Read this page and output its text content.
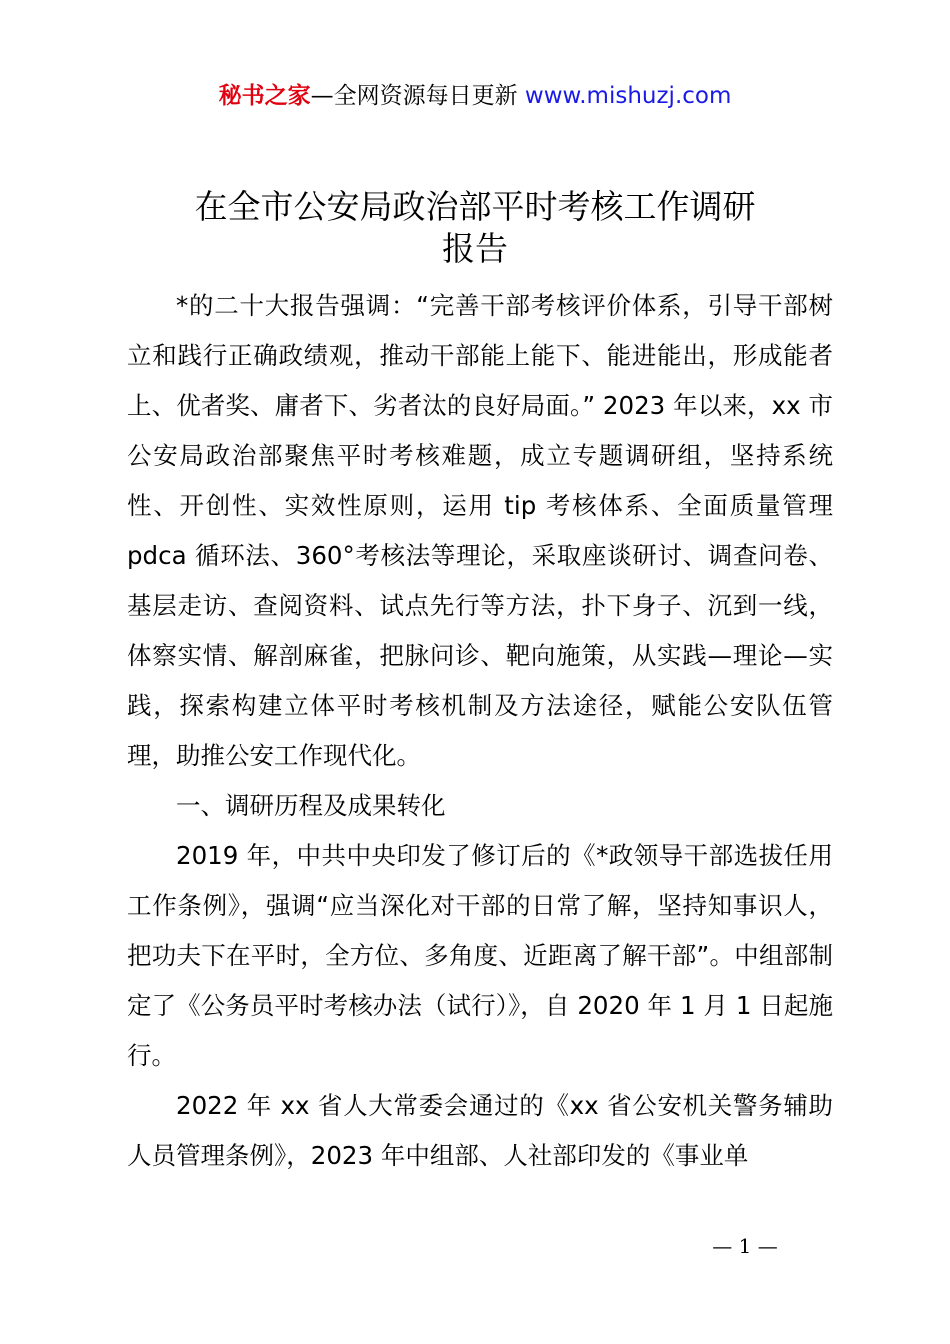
秘书之家—全网资源每日更新 www.mishuzj.com
在全市公安局政治部平时考核工作调研
报告

*的二十大报告强调：“完善干部考核评价体系，引导干部树立和践行正确政绩观，推动干部能上能下、能进能出，形成能者上、优者奖、庸者下、劣者汰的良好局面。” 2023 年以来，xx 市公安局政治部聚焦平时考核难题，成立专题调研组，坚持系统性、开创性、实效性原则，运用 tip 考核体系、全面质量管理 pdca 循环法、360°考核法等理论，采取座谈研讨、调查问卷、基层走访、查阅资料、试点先行等方法，扑下身子、沉到一线，体察实情、解剖麻雀，把脉问诊、靶向施策，从实践—理论—实践，探索构建立体平时考核机制及方法途径，赋能公安队伍管理，助推公安工作现代化。

一、调研历程及成果转化

2019 年，中共中央印发了修订后的《*政领导干部选拔任用工作条例》，强调“应当深化对干部的日常了解，坚持知事识人，把功夫下在平时，全方位、多角度、近距离了解干部”。中组部制定了《公务员平时考核办法（试行）》，自 2020 年 1 月 1 日起施行。

2022 年 xx 省人大常委会通过的《xx 省公安机关警务辅助人员管理条例》，2023 年中组部、人社部印发的《事业单

— 1 —
